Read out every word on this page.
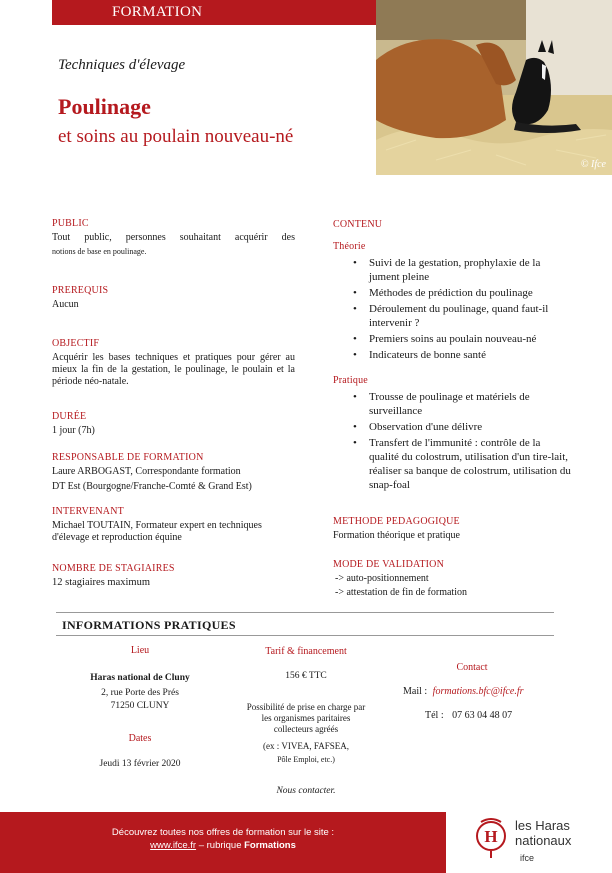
FORMATION
© Ifce
Techniques d'élevage
Poulinage
et soins au poulain nouveau-né
PUBLIC
Tout public, personnes souhaitant acquérir des
notions de base en poulinage.
PREREQUIS
Aucun
OBJECTIF
Acquérir les bases techniques et pratiques pour gérer au mieux la fin de la gestation, le poulinage, le poulain et la période néo-natale.
DURÉE
1 jour (7h)
RESPONSABLE DE FORMATION
Laure ARBOGAST, Correspondante formation
DT Est (Bourgogne/Franche-Comté & Grand Est)
INTERVENANT
Michael TOUTAIN, Formateur expert en techniques d'élevage et reproduction équine
NOMBRE DE STAGIAIRES
12 stagiaires maximum
CONTENU
Théorie
• Suivi de la gestation, prophylaxie de la jument pleine
• Méthodes de prédiction du poulinage
• Déroulement du poulinage, quand faut-il intervenir ?
• Premiers soins au poulain nouveau-né
• Indicateurs de bonne santé
Pratique
• Trousse de poulinage et matériels de surveillance
• Observation d'une délivre
• Transfert de l'immunité : contrôle de la qualité du colostrum, utilisation d'un tire-lait, réaliser sa banque de colostrum, utilisation du snap-foal
METHODE PEDAGOGIQUE
Formation théorique et pratique
MODE DE VALIDATION
-> auto-positionnement
-> attestation de fin de formation
INFORMATIONS PRATIQUES
Lieu
Haras national de Cluny
2, rue Porte des Prés
71250 CLUNY
Dates
Jeudi 13 février 2020
Tarif & financement
156 € TTC
Possibilité de prise en charge par
les organismes paritaires
collecteurs agréés
(ex : VIVEA, FAFSEA,
Pôle Emploi, etc.)
Nous contacter.
Contact
Mail : formations.bfc@ifce.fr
Tél : 07 63 04 48 07
Découvrez toutes nos offres de formation sur le site :
www.ifce.fr – rubrique Formations	H
les Haras
nationaux
ifce
